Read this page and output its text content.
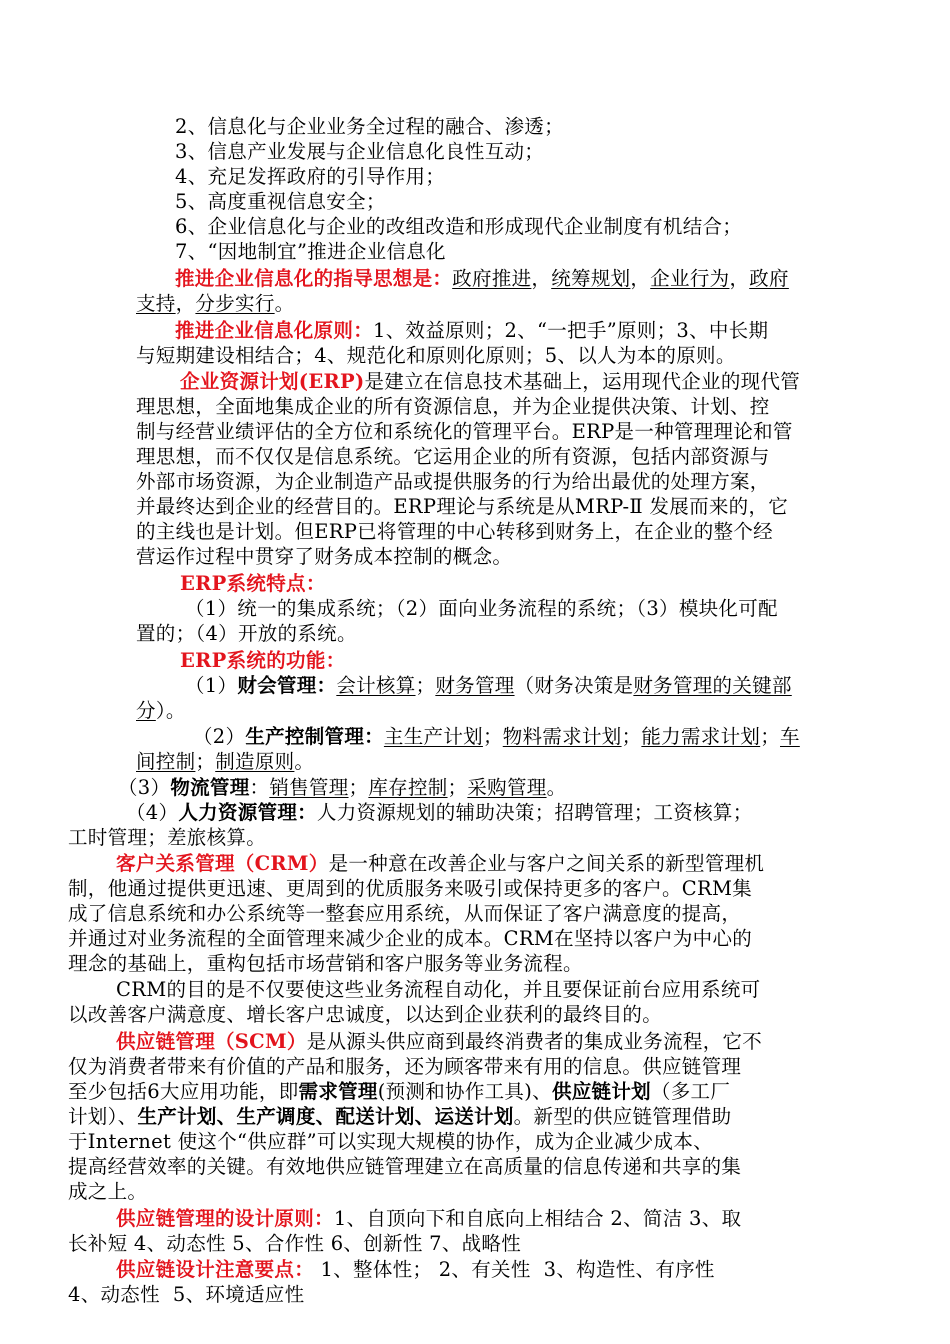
2、信息化与企业业务全过程的融合、渗透；
3、信息产业发展与企业信息化良性互动；
4、充足发挥政府的引导作用；
5、高度重视信息安全；
6、企业信息化与企业的改组改造和形成现代企业制度有机结合；
7、“因地制宜”推进企业信息化
推进企业信息化的指导思想是：政府推进，统筹规划，企业行为，政府
支持，分步实行。
推进企业信息化原则：1、效益原则；2、“一把手”原则；3、中长期
与短期建设相结合；4、规范化和原则化原则；5、以人为本的原则。
企业资源计划(ERP)是建立在信息技术基础上，运用现代企业的现代管
理思想，全面地集成企业的所有资源信息，并为企业提供决策、计划、控
制与经营业绩评估的全方位和系统化的管理平台。ERP是一种管理理论和管
理思想，而不仅仅是信息系统。它运用企业的所有资源，包括内部资源与
外部市场资源，为企业制造产品或提供服务的行为给出最优的处理方案，
并最终达到企业的经营目的。ERP理论与系统是从MRP-Ⅱ 发展而来的，它
的主线也是计划。但ERP已将管理的中心转移到财务上，在企业的整个经
营运作过程中贯穿了财务成本控制的概念。
ERP系统特点：
（1）统一的集成系统；（2）面向业务流程的系统；（3）模块化可配
置的；（4）开放的系统。
ERP系统的功能：
（1）财会管理：会计核算；财务管理（财务决策是财务管理的关键部
分）。
（2）生产控制管理：主生产计划；物料需求计划；能力需求计划；车
间控制；制造原则。
（3）物流管理：销售管理；库存控制；采购管理。
（4）人力资源管理：人力资源规划的辅助决策；招聘管理；工资核算；
工时管理；差旅核算。
客户关系管理（CRM）是一种意在改善企业与客户之间关系的新型管理机
制，他通过提供更迅速、更周到的优质服务来吸引或保持更多的客户。CRM集
成了信息系统和办公系统等一整套应用系统，从而保证了客户满意度的提高，
并通过对业务流程的全面管理来减少企业的成本。CRM在坚持以客户为中心的
理念的基础上，重构包括市场营销和客户服务等业务流程。
CRM的目的是不仅要使这些业务流程自动化，并且要保证前台应用系统可
以改善客户满意度、增长客户忠诚度，以达到企业获利的最终目的。
供应链管理（SCM）是从源头供应商到最终消费者的集成业务流程，它不
仅为消费者带来有价值的产品和服务，还为顾客带来有用的信息。供应链管理
至少包括6大应用功能，即需求管理(预测和协作工具)、供应链计划（多工厂
计划）、生产计划、生产调度、配送计划、运送计划。新型的供应链管理借助
于Internet 使这个“供应群”可以实现大规模的协作，成为企业减少成本、
提高经营效率的关键。有效地供应链管理建立在高质量的信息传递和共享的集
成之上。
供应链管理的设计原则：1、自顶向下和自底向上相结合 2、简洁 3、取
长补短 4、动态性 5、合作性 6、创新性 7、战略性
供应链设计注意要点： 1、整体性； 2、有关性  3、构造性、有序性
4、动态性  5、环境适应性
